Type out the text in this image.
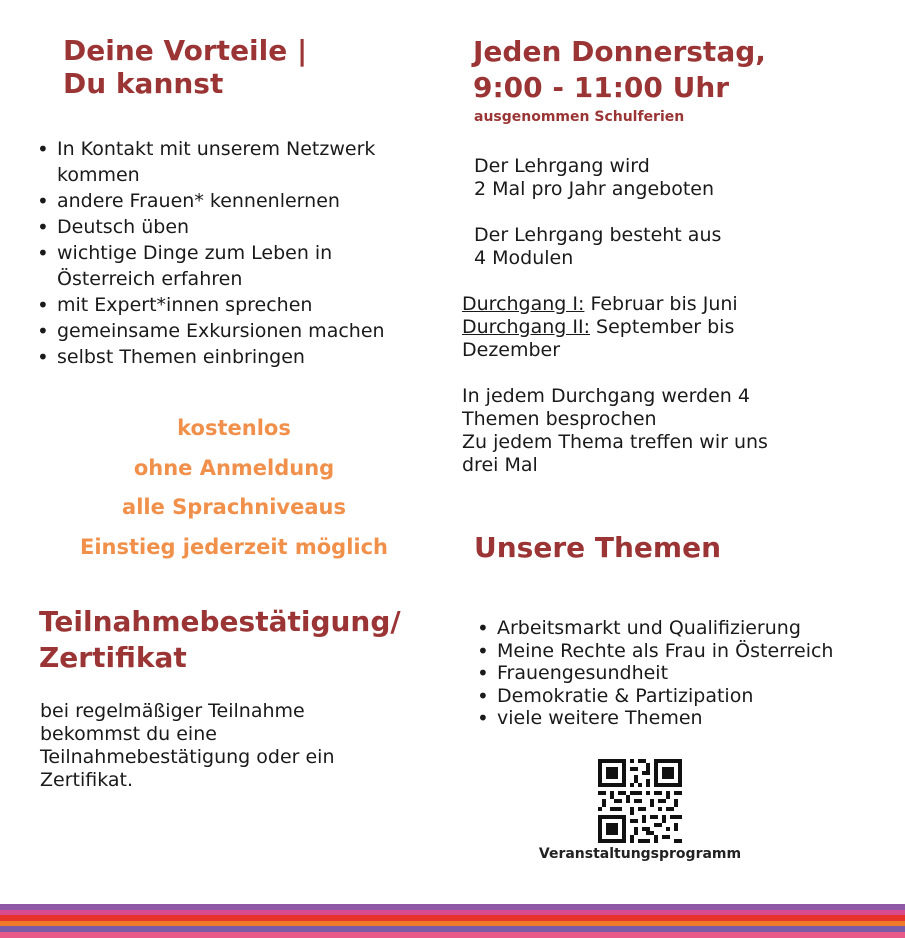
Deine Vorteile |
Du kannst
• In Kontakt mit unserem Netzwerk kommen
• andere Frauen* kennenlernen
• Deutsch üben
• wichtige Dinge zum Leben in Österreich erfahren
• mit Expert*innen sprechen
• gemeinsame Exkursionen machen
• selbst Themen einbringen
kostenlos
ohne Anmeldung
alle Sprachniveaus
Einstieg jederzeit möglich
Teilnahmebestätigung/
Zertifikat
bei regelmäßiger Teilnahme bekommst du eine Teilnahmebestätigung oder ein Zertifikat.
Jeden Donnerstag,
9:00 - 11:00 Uhr
ausgenommen Schulferien
Der Lehrgang wird
2 Mal pro Jahr angeboten
Der Lehrgang besteht aus
4 Modulen
Durchgang I: Februar bis Juni
Durchgang II: September bis
Dezember
In jedem Durchgang werden 4
Themen besprochen
Zu jedem Thema treffen wir uns
drei Mal
Unsere Themen
• Arbeitsmarkt und Qualifizierung
• Meine Rechte als Frau in Österreich
• Frauengesundheit
• Demokratie & Partizipation
• viele weitere Themen
Veranstaltungsprogramm
